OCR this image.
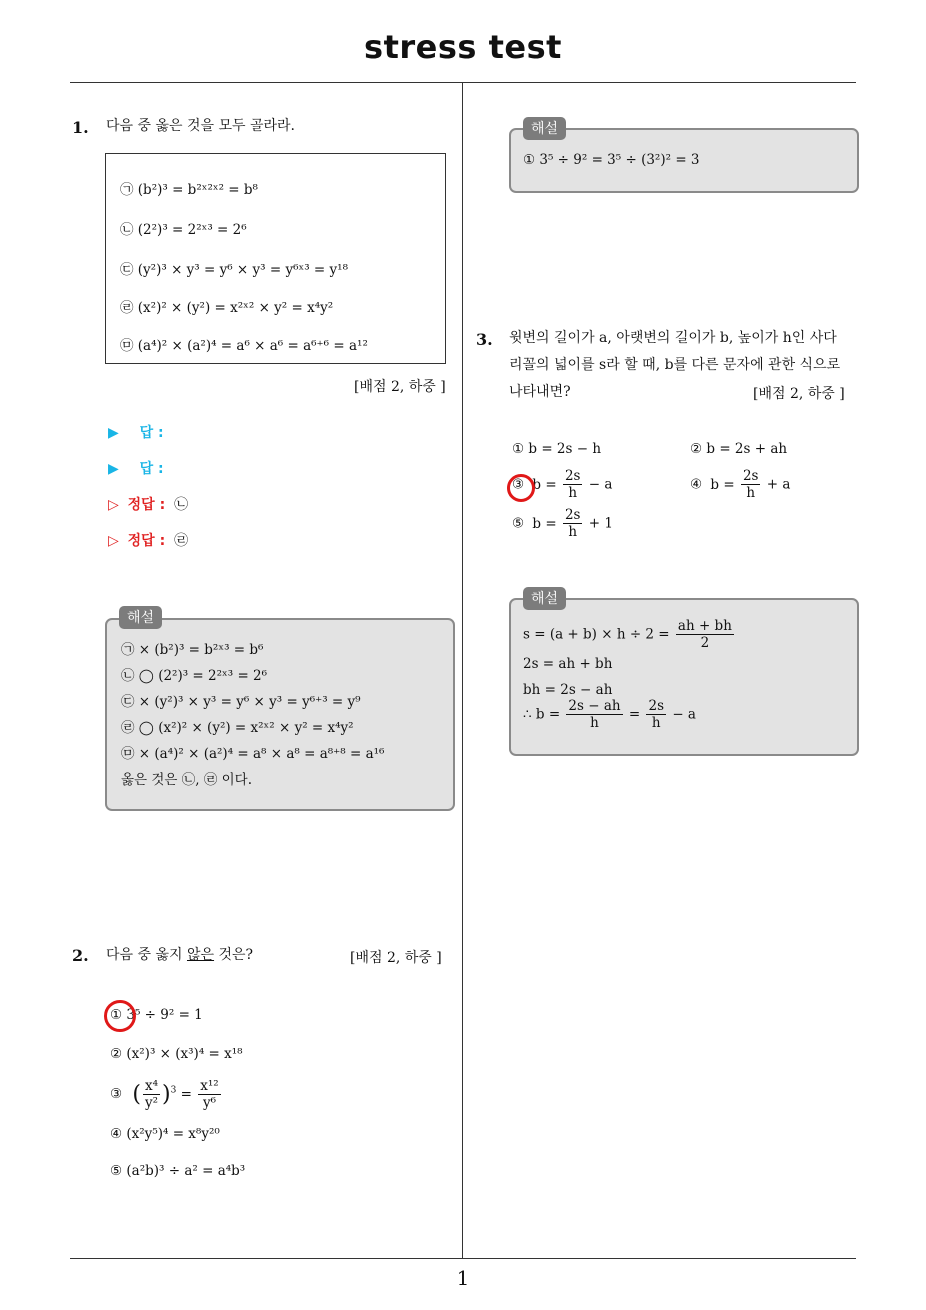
stress test
1
1. 다음 중 옳은 것을 모두 골라라.
㉠ (b²)³ = b²ˣ²ˣ² = b⁸
㉡ (2²)³ = 2²ˣ³ = 2⁶
㉢ (y²)³ × y³ = y⁶ × y³ = y⁶ˣ³ = y¹⁸
㉣ (x²)² × (y²) = x²ˣ² × y² = x⁴y²
㉤ (a⁴)² × (a²)⁴ = a⁶ × a⁶ = a⁶⁺⁶ = a¹²
[배점 2, 하중 ]
▶ 답 :
▶ 답 :
▷ 정답 : ㉡
▷ 정답 : ㉣
㉠ × (b²)³ = b²ˣ³ = b⁶
㉡ ◯ (2²)³ = 2²ˣ³ = 2⁶
㉢ × (y²)³ × y³ = y⁶ × y³ = y⁶⁺³ = y⁹
㉣ ◯ (x²)² × (y²) = x²ˣ² × y² = x⁴y²
㉤ × (a⁴)² × (a²)⁴ = a⁸ × a⁸ = a⁸⁺⁸ = a¹⁶
옳은 것은 ㉡, ㉣ 이다.
해설
2. 다음 중 옳지 않은 것은?	[배점 2, 하중 ]
① 3⁵ ÷ 9² = 1
② (x²)³ × (x³)⁴ = x¹⁸
③ ( $\frac{\text{x⁴}}{\text{y²}} )^3 = \frac{\text{x¹²}}{\text{y⁶}}$
④ (x²y⁵)⁴ = x⁸y²⁰
⑤ (a²b)³ ÷ a² = a⁴b³
① 3⁵ ÷ 9² = 3⁵ ÷ (3²)² = 3
해설
3. 윗변의 길이가 a, 아랫변의 길이가 b, 높이가 h인 사다
리꼴의 넓이를 s라 할 때, b를 다른 문자에 관한 식으로
나타내면?	[배점 2, 하중 ]
① b = 2s − h	② b = 2s + ah
③ $b = \frac{2s}{h} - a$	④ $b = \frac{2s}{h} + a$
⑤ $b = \frac{2s}{h} + 1$
$s = (a + b) \times h \div 2 = \frac{ah + bh}{2}$
2s = ah + bh
bh = 2s − ah
∴ $b = \frac{2s - ah}{h} = \frac{2s}{h} - a$
해설
